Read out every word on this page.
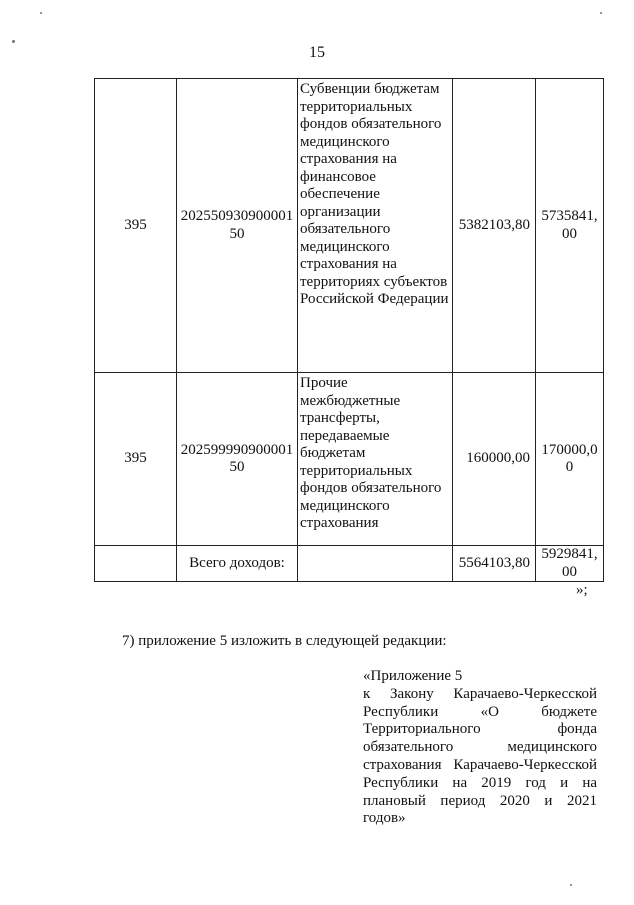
15
395	20255093090000150	Субвенции бюджетам территориальных фондов обязательного медицинского страхования на финансовое обеспечение организации обязательного медицинского страхования на территориях субъектов Российской Федерации	5382103,80	5735841,00
395	20259999090000150	Прочие межбюджетные трансферты, передаваемые бюджетам территориальных фондов обязательного медицинского страхования	160000,00	170000,00
	Всего доходов:		5564103,80	5929841,00
»;
7) приложение 5 изложить в следующей редакции:
«Приложение 5
к Закону Карачаево-Черкесской Республики «О бюджете Территориального фонда обязательного медицинского страхования Карачаево-Черкесской Республики на 2019 год и на плановый период 2020 и 2021 годов»
